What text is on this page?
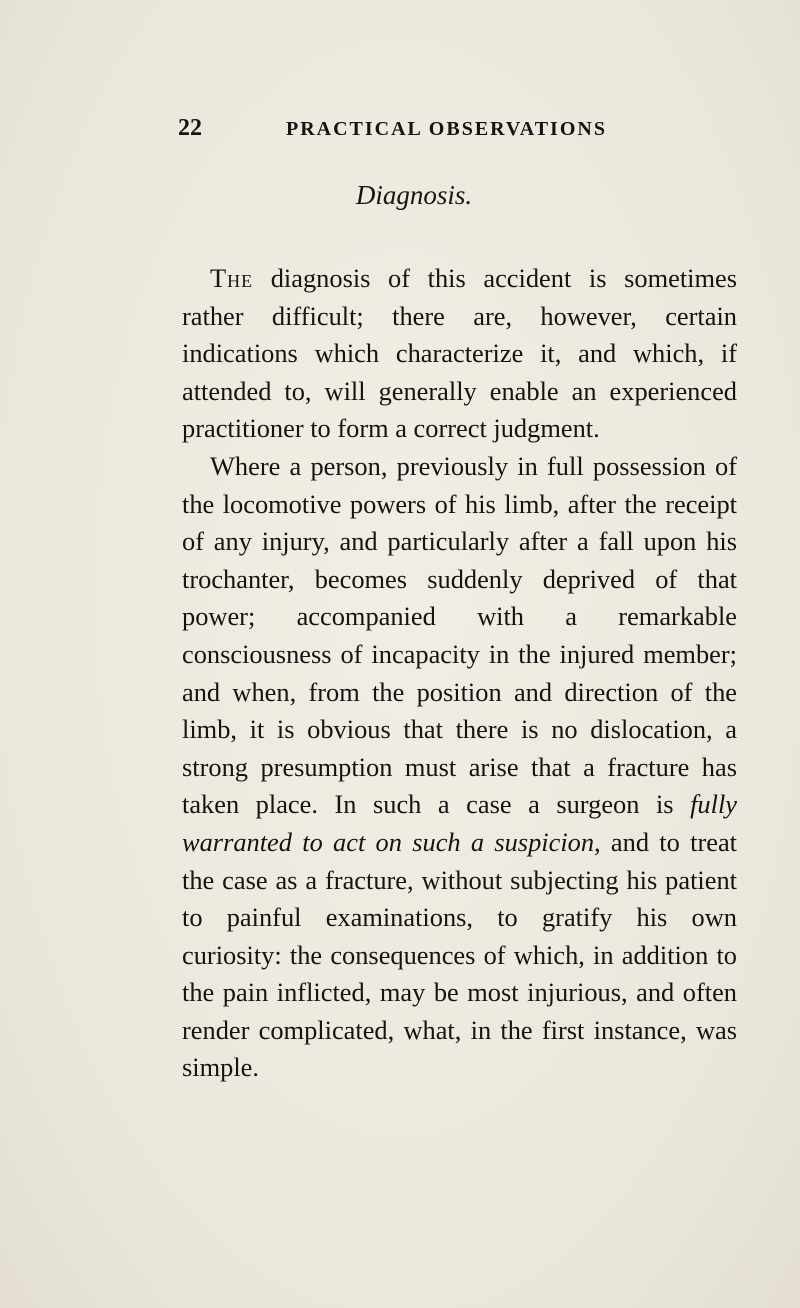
22	PRACTICAL OBSERVATIONS
Diagnosis.

The diagnosis of this accident is sometimes rather difficult; there are, however, certain indications which characterize it, and which, if attended to, will generally enable an experienced practitioner to form a correct judgment.

Where a person, previously in full possession of the locomotive powers of his limb, after the receipt of any injury, and particularly after a fall upon his trochanter, becomes suddenly deprived of that power; accompanied with a remarkable consciousness of incapacity in the injured member; and when, from the position and direction of the limb, it is obvious that there is no dislocation, a strong presumption must arise that a fracture has taken place. In such a case a surgeon is fully warranted to act on such a suspicion, and to treat the case as a fracture, without subjecting his patient to painful examinations, to gratify his own curiosity: the consequences of which, in addition to the pain inflicted, may be most injurious, and often render complicated, what, in the first instance, was simple.
